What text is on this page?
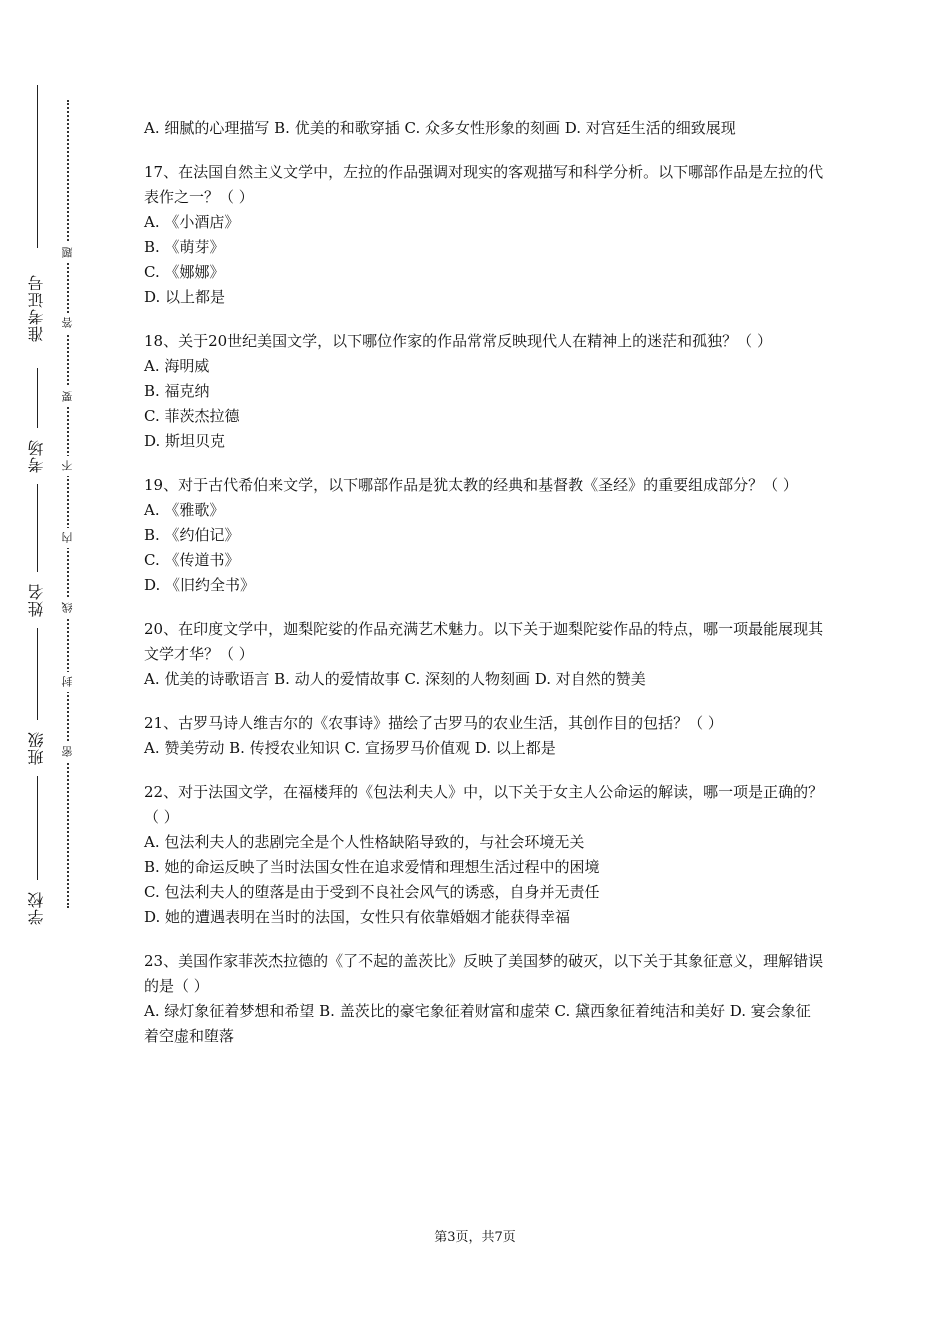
准考证号
考场
姓名
班级
学校
题
答
要
不
内
线
封
密

A. 细腻的心理描写 B. 优美的和歌穿插 C. 众多女性形象的刻画 D. 对宫廷生活的细致展现

17、在法国自然主义文学中，左拉的作品强调对现实的客观描写和科学分析。以下哪部作品是左拉的代表作之一？（ ）

A. 《小酒店》

B. 《萌芽》

C. 《娜娜》

D. 以上都是

18、关于20世纪美国文学，以下哪位作家的作品常常反映现代人在精神上的迷茫和孤独？（ ）

A. 海明威

B. 福克纳

C. 菲茨杰拉德

D. 斯坦贝克

19、对于古代希伯来文学，以下哪部作品是犹太教的经典和基督教《圣经》的重要组成部分？（ ）

A. 《雅歌》

B. 《约伯记》

C. 《传道书》

D. 《旧约全书》

20、在印度文学中，迦梨陀娑的作品充满艺术魅力。以下关于迦梨陀娑作品的特点，哪一项最能展现其文学才华？（ ）

A. 优美的诗歌语言 B. 动人的爱情故事 C. 深刻的人物刻画 D. 对自然的赞美

21、古罗马诗人维吉尔的《农事诗》描绘了古罗马的农业生活，其创作目的包括？（ ）

A. 赞美劳动 B. 传授农业知识 C. 宣扬罗马价值观 D. 以上都是

22、对于法国文学，在福楼拜的《包法利夫人》中，以下关于女主人公命运的解读，哪一项是正确的？（ ）

A. 包法利夫人的悲剧完全是个人性格缺陷导致的，与社会环境无关

B. 她的命运反映了当时法国女性在追求爱情和理想生活过程中的困境

C. 包法利夫人的堕落是由于受到不良社会风气的诱惑，自身并无责任

D. 她的遭遇表明在当时的法国，女性只有依靠婚姻才能获得幸福

23、美国作家菲茨杰拉德的《了不起的盖茨比》反映了美国梦的破灭，以下关于其象征意义，理解错误的是（ ）

A. 绿灯象征着梦想和希望 B. 盖茨比的豪宅象征着财富和虚荣 C. 黛西象征着纯洁和美好 D. 宴会象征着空虚和堕落

第3页，共7页
